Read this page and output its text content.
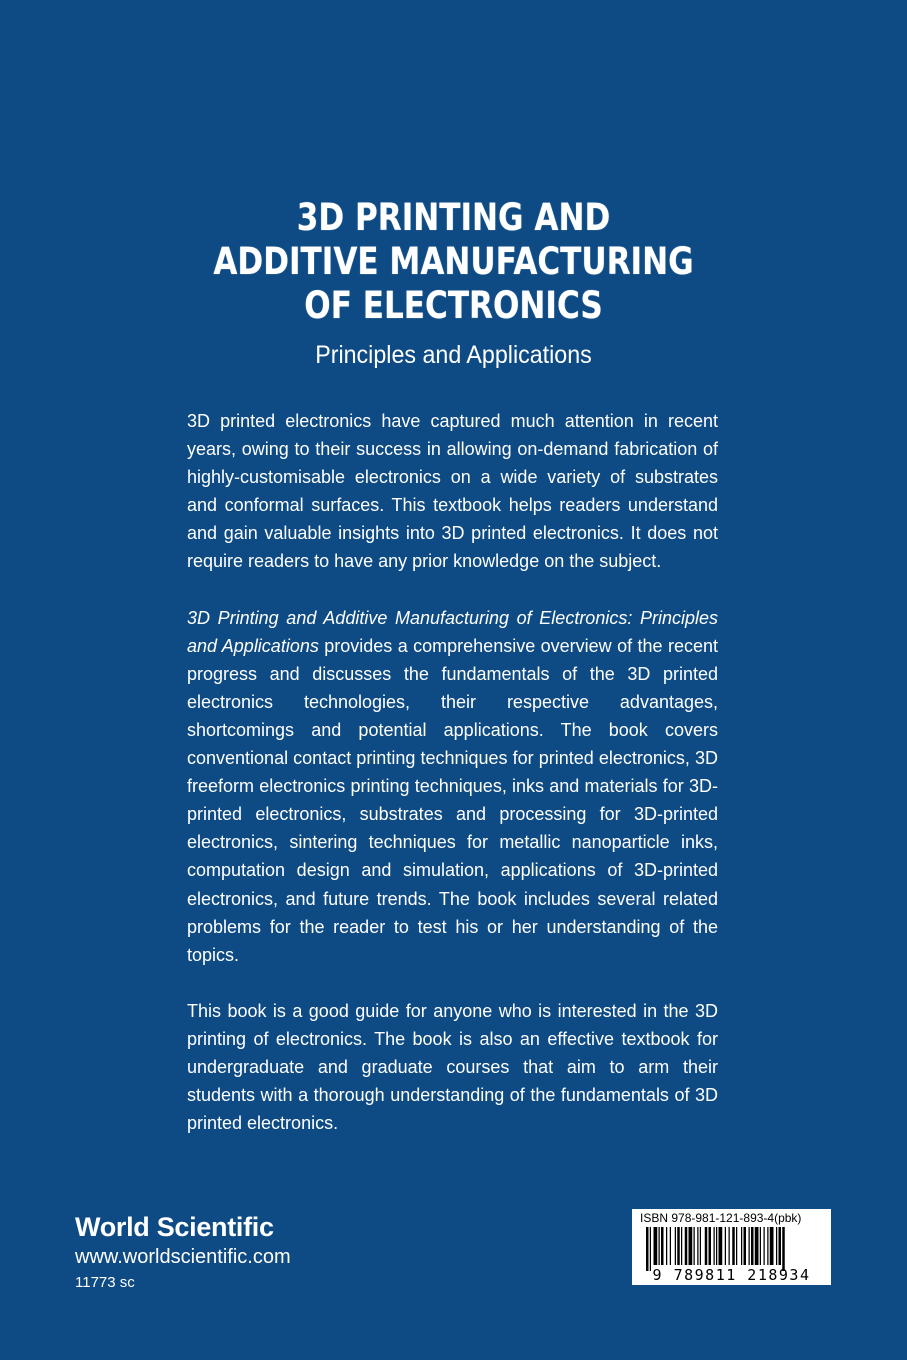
3D PRINTING AND
ADDITIVE MANUFACTURING
OF ELECTRONICS
Principles and Applications

3D printed electronics have captured much attention in recent years, owing to their success in allowing on-demand fabrication of highly-customisable electronics on a wide variety of substrates and conformal surfaces. This textbook helps readers understand and gain valuable insights into 3D printed electronics. It does not require readers to have any prior knowledge on the subject.

3D Printing and Additive Manufacturing of Electronics: Principles and Applications provides a comprehensive overview of the recent progress and discusses the fundamentals of the 3D printed electronics technologies, their respective advantages, shortcomings and potential applications. The book covers conventional contact printing techniques for printed electronics, 3D freeform electronics printing techniques, inks and materials for 3D-printed electronics, substrates and processing for 3D-printed electronics, sintering techniques for metallic nanoparticle inks, computation design and simulation, applications of 3D-printed electronics, and future trends. The book includes several related problems for the reader to test his or her understanding of the topics.

This book is a good guide for anyone who is interested in the 3D printing of electronics. The book is also an effective textbook for undergraduate and graduate courses that aim to arm their students with a thorough understanding of the fundamentals of 3D printed electronics.

World Scientific
www.worldscientific.com
11773 sc
ISBN 978-981-121-893-4(pbk)
9 789811 218934
